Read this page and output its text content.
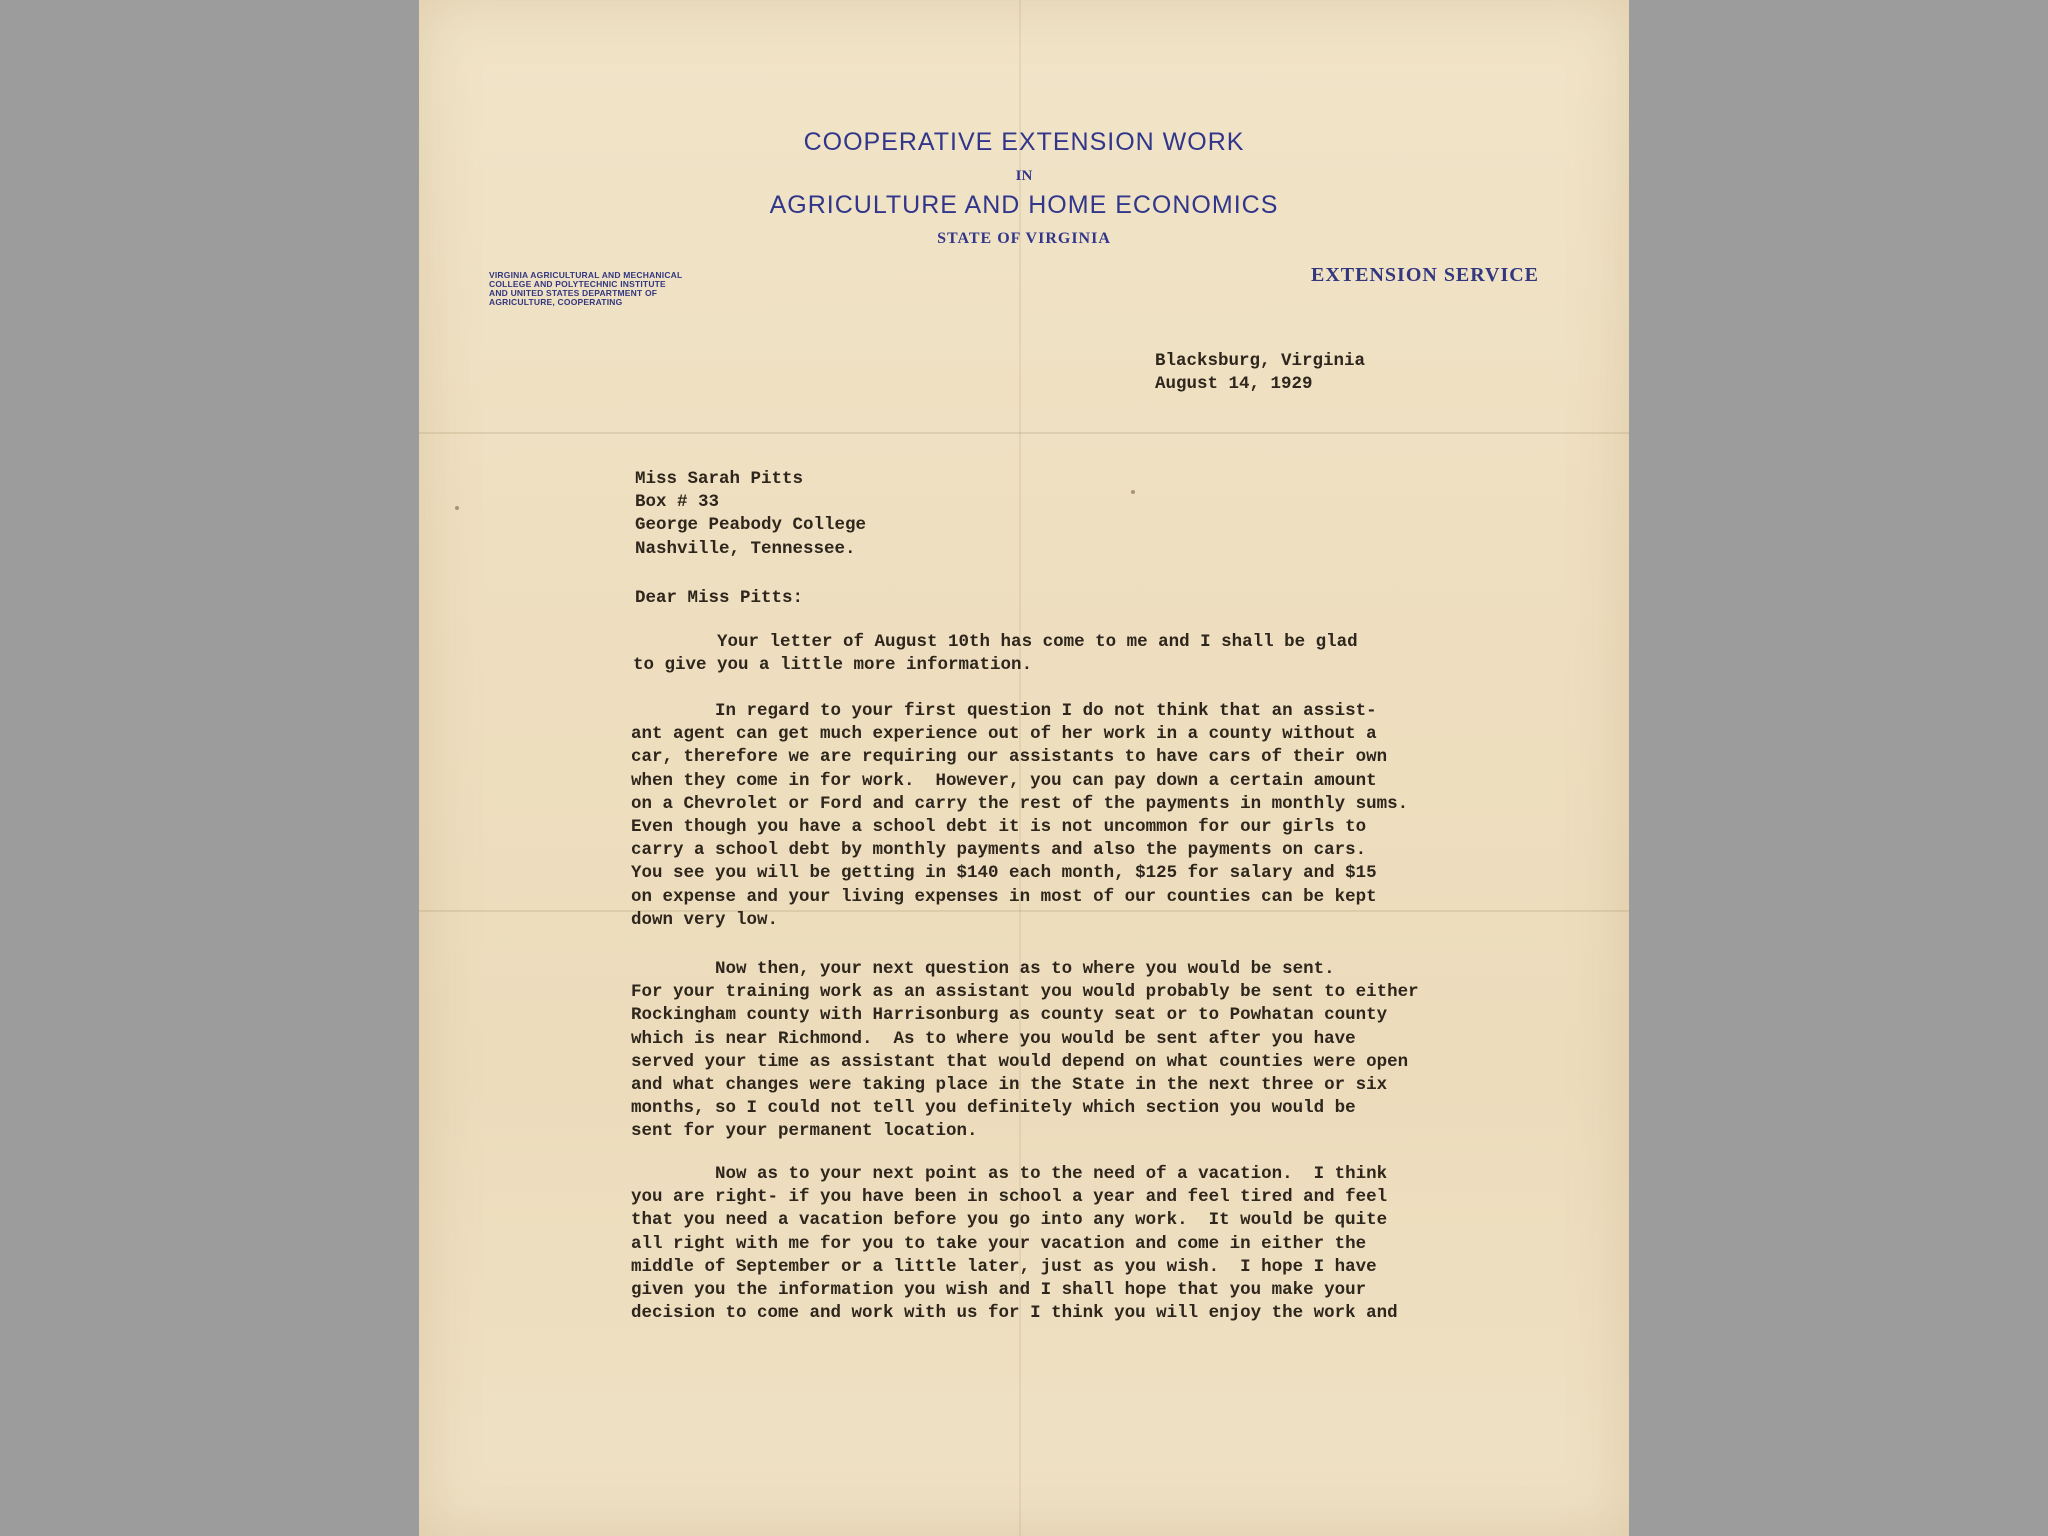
COOPERATIVE EXTENSION WORK
IN
AGRICULTURE AND HOME ECONOMICS
STATE OF VIRGINIA
VIRGINIA AGRICULTURAL AND MECHANICAL
COLLEGE AND POLYTECHNIC INSTITUTE
AND UNITED STATES DEPARTMENT OF
AGRICULTURE, COOPERATING
EXTENSION SERVICE
Blacksburg, Virginia
August 14, 1929
Miss Sarah Pitts
Box # 33
George Peabody College
Nashville, Tennessee.
Dear Miss Pitts:
Your letter of August 10th has come to me and I shall be glad
to give you a little more information.
In regard to your first question I do not think that an assist-
ant agent can get much experience out of her work in a county without a
car, therefore we are requiring our assistants to have cars of their own
when they come in for work.  However, you can pay down a certain amount
on a Chevrolet or Ford and carry the rest of the payments in monthly sums.
Even though you have a school debt it is not uncommon for our girls to
carry a school debt by monthly payments and also the payments on cars.
You see you will be getting in $140 each month, $125 for salary and $15
on expense and your living expenses in most of our counties can be kept
down very low.
Now then, your next question as to where you would be sent.
For your training work as an assistant you would probably be sent to either
Rockingham county with Harrisonburg as county seat or to Powhatan county
which is near Richmond.  As to where you would be sent after you have
served your time as assistant that would depend on what counties were open
and what changes were taking place in the State in the next three or six
months, so I could not tell you definitely which section you would be
sent for your permanent location.
Now as to your next point as to the need of a vacation.  I think
you are right- if you have been in school a year and feel tired and feel
that you need a vacation before you go into any work.  It would be quite
all right with me for you to take your vacation and come in either the
middle of September or a little later, just as you wish.  I hope I have
given you the information you wish and I shall hope that you make your
decision to come and work with us for I think you will enjoy the work and
